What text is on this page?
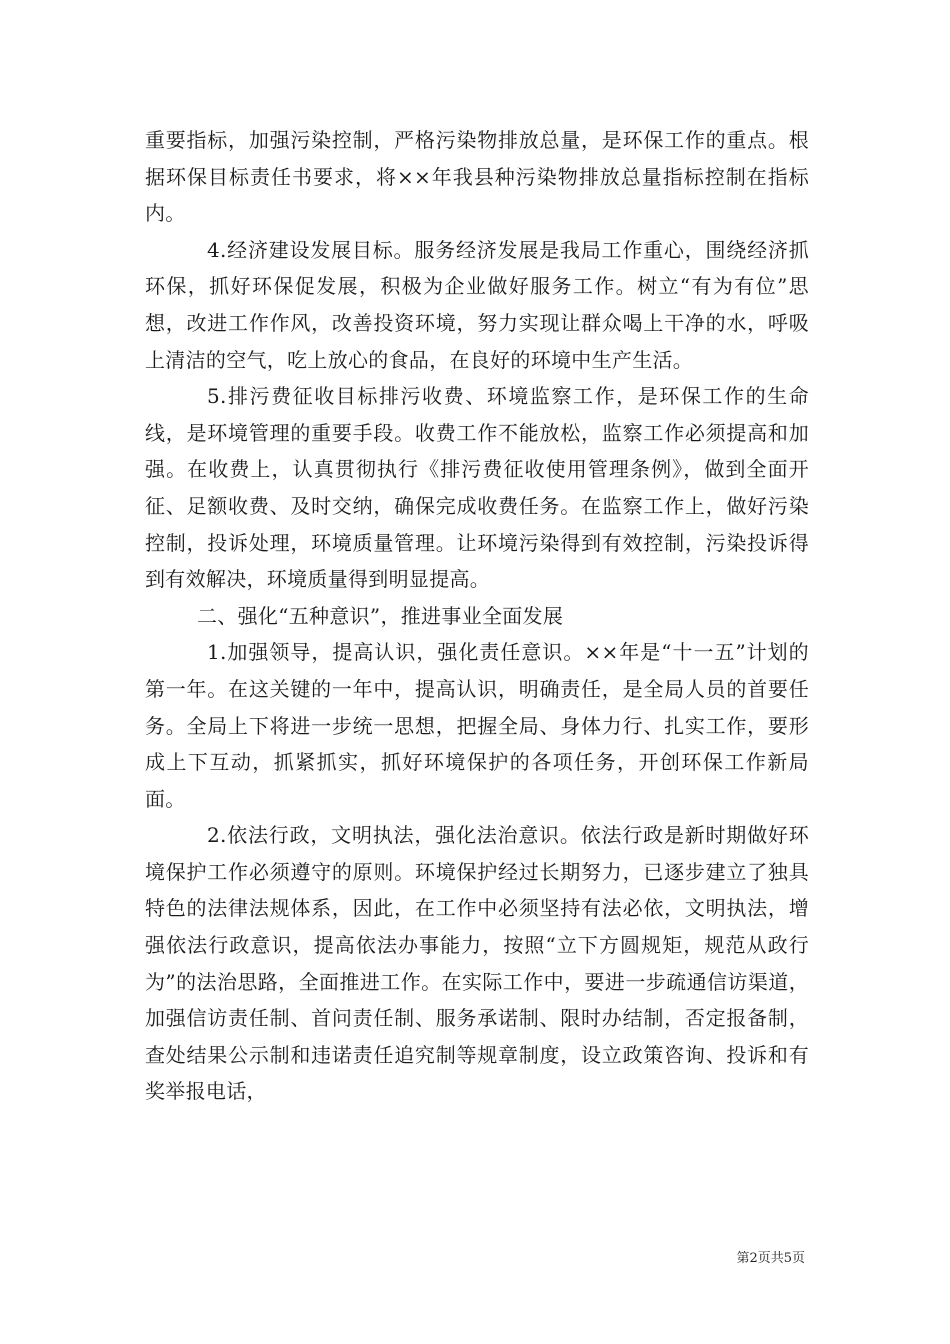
重要指标，加强污染控制，严格污染物排放总量，是环保工作的重点。根据环保目标责任书要求，将××年我县种污染物排放总量指标控制在指标内。

4.经济建设发展目标。服务经济发展是我局工作重心，围绕经济抓环保，抓好环保促发展，积极为企业做好服务工作。树立“有为有位”思想，改进工作作风，改善投资环境，努力实现让群众喝上干净的水，呼吸上清洁的空气，吃上放心的食品，在良好的环境中生产生活。

5.排污费征收目标排污收费、环境监察工作，是环保工作的生命线，是环境管理的重要手段。收费工作不能放松，监察工作必须提高和加强。在收费上，认真贯彻执行《排污费征收使用管理条例》，做到全面开征、足额收费、及时交纳，确保完成收费任务。在监察工作上，做好污染控制，投诉处理，环境质量管理。让环境污染得到有效控制，污染投诉得到有效解决，环境质量得到明显提高。

二、强化“五种意识”，推进事业全面发展

1.加强领导，提高认识，强化责任意识。××年是“十一五”计划的第一年。在这关键的一年中，提高认识，明确责任，是全局人员的首要任务。全局上下将进一步统一思想，把握全局、身体力行、扎实工作，要形成上下互动，抓紧抓实，抓好环境保护的各项任务，开创环保工作新局面。

2.依法行政，文明执法，强化法治意识。依法行政是新时期做好环境保护工作必须遵守的原则。环境保护经过长期努力，已逐步建立了独具特色的法律法规体系，因此，在工作中必须坚持有法必依，文明执法，增强依法行政意识，提高依法办事能力，按照“立下方圆规矩，规范从政行为”的法治思路，全面推进工作。在实际工作中，要进一步疏通信访渠道，加强信访责任制、首问责任制、服务承诺制、限时办结制，否定报备制，查处结果公示制和违诺责任追究制等规章制度，设立政策咨询、投诉和有奖举报电话，

第2页共5页
